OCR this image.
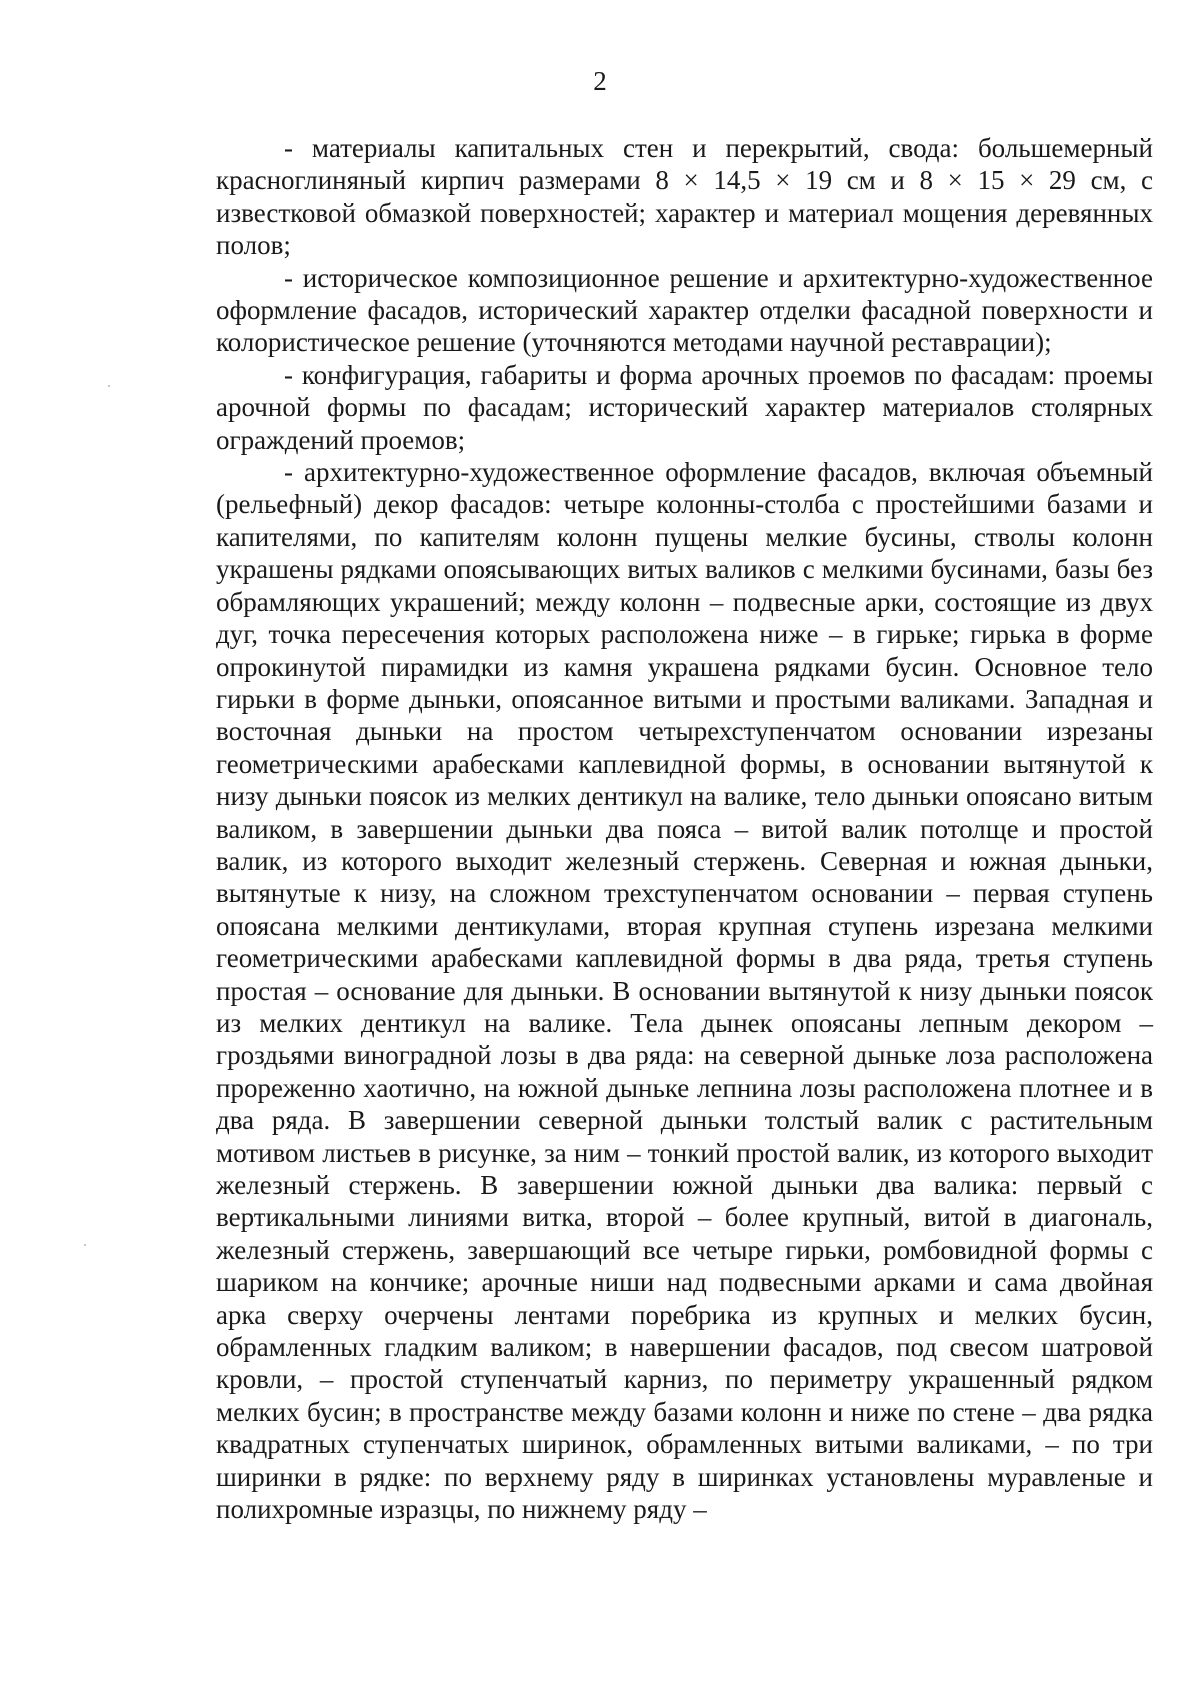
2

- материалы капитальных стен и перекрытий, свода: большемерный красноглиняный кирпич размерами 8 × 14,5 × 19 см и 8 × 15 × 29 см, с известковой обмазкой поверхностей; характер и материал мощения деревянных полов;

- историческое композиционное решение и архитектурно-художественное оформление фасадов, исторический характер отделки фасадной поверхности и колористическое решение (уточняются методами научной реставрации);

- конфигурация, габариты и форма арочных проемов по фасадам: проемы арочной формы по фасадам; исторический характер материалов столярных ограждений проемов;

- архитектурно-художественное оформление фасадов, включая объемный (рельефный) декор фасадов: четыре колонны-столба с простейшими базами и капителями, по капителям колонн пущены мелкие бусины, стволы колонн украшены рядками опоясывающих витых валиков с мелкими бусинами, базы без обрамляющих украшений; между колонн – подвесные арки, состоящие из двух дуг, точка пересечения которых расположена ниже – в гирьке; гирька в форме опрокинутой пирамидки из камня украшена рядками бусин. Основное тело гирьки в форме дыньки, опоясанное витыми и простыми валиками. Западная и восточная дыньки на простом четырехступенчатом основании изрезаны геометрическими арабесками каплевидной формы, в основании вытянутой к низу дыньки поясок из мелких дентикул на валике, тело дыньки опоясано витым валиком, в завершении дыньки два пояса – витой валик потолще и простой валик, из которого выходит железный стержень. Северная и южная дыньки, вытянутые к низу, на сложном трехступенчатом основании – первая ступень опоясана мелкими дентикулами, вторая крупная ступень изрезана мелкими геометрическими арабесками каплевидной формы в два ряда, третья ступень простая – основание для дыньки. В основании вытянутой к низу дыньки поясок из мелких дентикул на валике. Тела дынек опоясаны лепным декором – гроздьями виноградной лозы в два ряда: на северной дыньке лоза расположена прореженно хаотично, на южной дыньке лепнина лозы расположена плотнее и в два ряда. В завершении северной дыньки толстый валик с растительным мотивом листьев в рисунке, за ним – тонкий простой валик, из которого выходит железный стержень. В завершении южной дыньки два валика: первый с вертикальными линиями витка, второй – более крупный, витой в диагональ, железный стержень, завершающий все четыре гирьки, ромбовидной формы с шариком на кончике; арочные ниши над подвесными арками и сама двойная арка сверху очерчены лентами поребрика из крупных и мелких бусин, обрамленных гладким валиком; в навершении фасадов, под свесом шатровой кровли, – простой ступенчатый карниз, по периметру украшенный рядком мелких бусин; в пространстве между базами колонн и ниже по стене – два рядка квадратных ступенчатых ширинок, обрамленных витыми валиками, – по три ширинки в рядке: по верхнему ряду в ширинках установлены муравленые и полихромные изразцы, по нижнему ряду –
